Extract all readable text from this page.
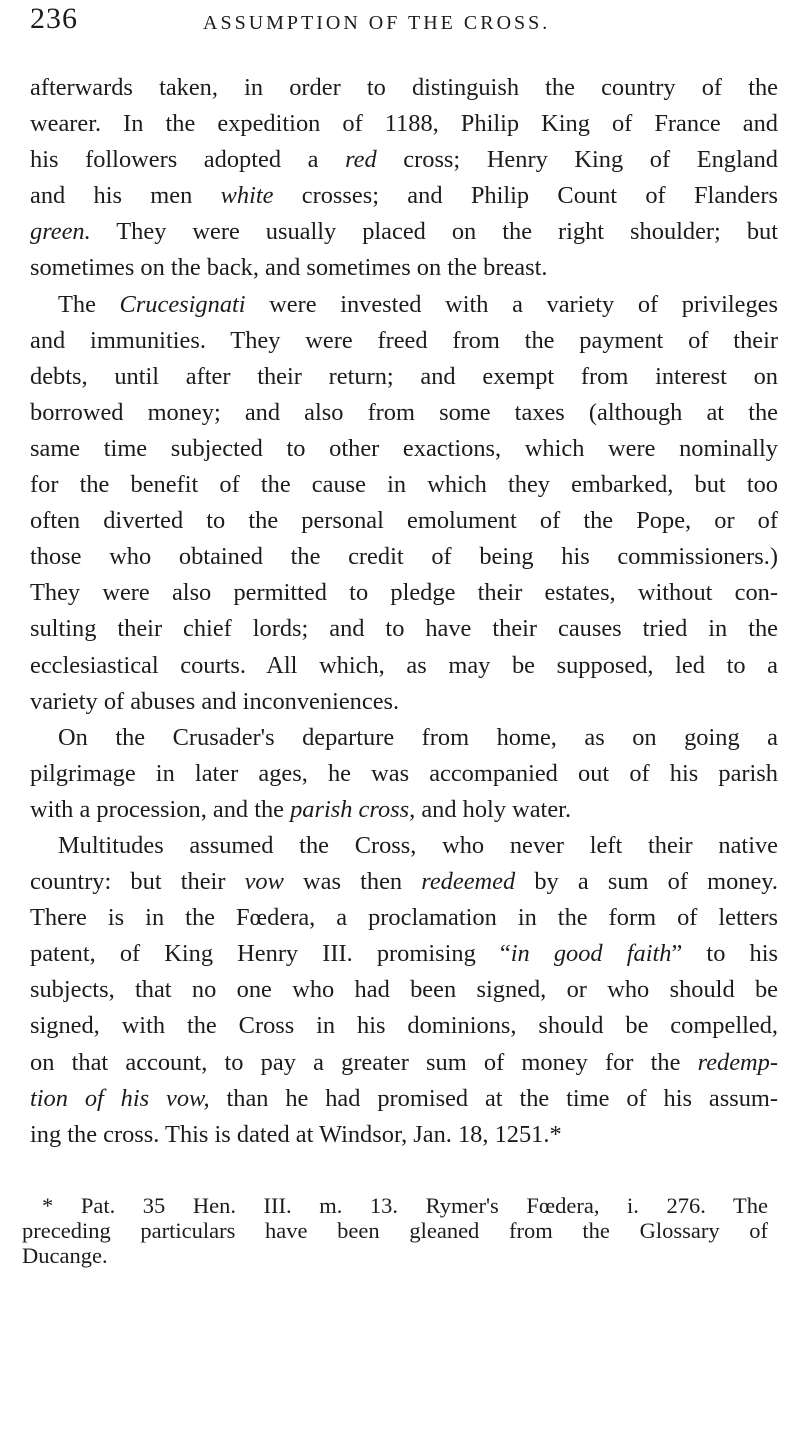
236	ASSUMPTION OF THE CROSS.
afterwards taken, in order to distinguish the country of the
wearer. In the expedition of 1188, Philip King of France and
his followers adopted a red cross; Henry King of England
and his men white crosses; and Philip Count of Flanders
green. They were usually placed on the right shoulder; but
sometimes on the back, and sometimes on the breast.
The Crucesignati were invested with a variety of privileges
and immunities. They were freed from the payment of their
debts, until after their return; and exempt from interest on
borrowed money; and also from some taxes (although at the
same time subjected to other exactions, which were nominally
for the benefit of the cause in which they embarked, but too
often diverted to the personal emolument of the Pope, or of
those who obtained the credit of being his commissioners.)
They were also permitted to pledge their estates, without con-
sulting their chief lords; and to have their causes tried in the
ecclesiastical courts. All which, as may be supposed, led to a
variety of abuses and inconveniences.
On the Crusader's departure from home, as on going a
pilgrimage in later ages, he was accompanied out of his parish
with a procession, and the parish cross, and holy water.
Multitudes assumed the Cross, who never left their native
country: but their vow was then redeemed by a sum of money.
There is in the Fœdera, a proclamation in the form of letters
patent, of King Henry III. promising “in good faith” to his
subjects, that no one who had been signed, or who should be
signed, with the Cross in his dominions, should be compelled,
on that account, to pay a greater sum of money for the redemp-
tion of his vow, than he had promised at the time of his assum-
ing the cross. This is dated at Windsor, Jan. 18, 1251.*
* Pat. 35 Hen. III. m. 13. Rymer's Fœdera, i. 276. The
preceding particulars have been gleaned from the Glossary of
Ducange.
